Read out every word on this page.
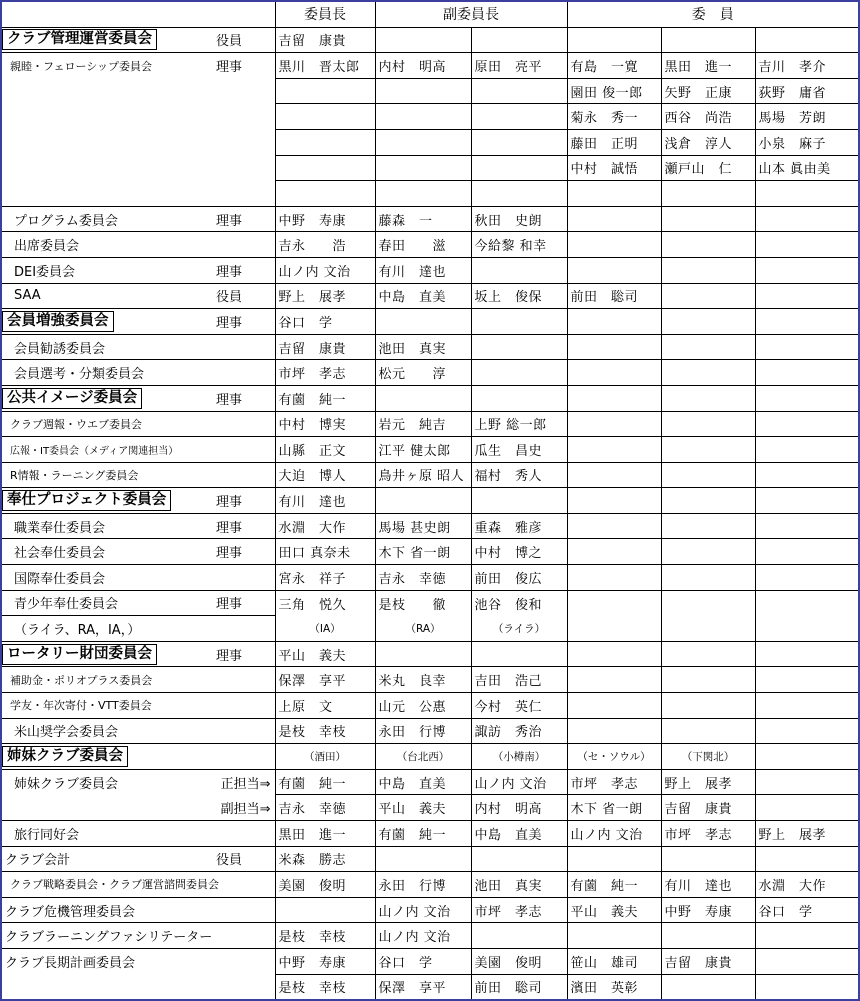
		委員長	副委員長		委　員		
クラブ管理運営委員会	役員	吉留　康貴					
親睦・フェローシップ委員会	理事	黒川　晋太郎	内村　明高	原田　亮平	有島　一寛	黒田　進一	吉川　孝介
					園田 俊一郎	矢野　正康	荻野　庸省
					菊永　秀一	西谷　尚浩	馬場　芳朗
					藤田　正明	浅倉　淳人	小泉　麻子
					中村　誠悟	瀬戸山　仁	山本 眞由美

プログラム委員会	理事	中野　寿康	藤森　一	秋田　史朗			
出席委員会		吉永　　浩	春田　　滋	今給黎 和幸			
DEI委員会	理事	山ノ内 文治	有川　達也				
SAA	役員	野上　展孝	中島　直美	坂上　俊保	前田　聡司		
会員増強委員会	理事	谷口　学					
会員勧誘委員会		吉留　康貴	池田　真実				
会員選考・分類委員会		市坪　孝志	松元　　淳				
公共イメージ委員会	理事	有薗　純一					
クラブ週報・ウエブ委員会		中村　博実	岩元　純吉	上野 総一郎			
広報・IT委員会（メディア関連担当）		山縣　正文	江平 健太郎	瓜生　昌史			
R情報・ラーニング委員会		大迫　博人	鳥井ヶ原 昭人	福村　秀人			
奉仕プロジェクト委員会	理事	有川　達也					
職業奉仕委員会	理事	水淵　大作	馬場 甚史朗	重森　雅彦			
社会奉仕委員会	理事	田口 真奈未	木下 省一朗	中村　博之			
国際奉仕委員会		宮永　祥子	吉永　幸徳	前田　俊広			
青少年奉仕委員会	理事	三角　悦久	是枝　　徹	池谷　俊和			
（ライラ、RA，IA，）		（IA）	（RA）	（ライラ）			
ロータリー財団委員会	理事	平山　義夫					
補助金・ポリオプラス委員会		保澤　享平	米丸　良幸	吉田　浩己			
学友・年次寄付・VTT委員会		上原　文	山元　公惠	今村　英仁			
米山奨学会委員会		是枝　幸枝	永田　行博	諏訪　秀治			
姉妹クラブ委員会		（酒田）	（台北西）	（小樽南）	（セ・ソウル）	（下関北）	
姉妹クラブ委員会	正担当⇒	有薗　純一	中島　直美	山ノ内 文治	市坪　孝志	野上　展孝	
	副担当⇒	吉永　幸徳	平山　義夫	内村　明高	木下 省一朗	吉留　康貴	
旅行同好会		黒田　進一	有薗　純一	中島　直美	山ノ内 文治	市坪　孝志	野上　展孝
クラブ会計	役員	米森　勝志					
クラブ戦略委員会・クラブ運営諮問委員会		美園　俊明	永田　行博	池田　真実	有薗　純一	有川　達也	水淵　大作
クラブ危機管理委員会			山ノ内 文治	市坪　孝志	平山　義夫	中野　寿康	谷口　学
クラブラーニングファシリテーター		是枝　幸枝	山ノ内 文治				
クラブ長期計画委員会		中野　寿康	谷口　学	美園　俊明	笹山　雄司	吉留　康貴	
		是枝　幸枝	保澤　享平	前田　聡司	濱田　英彰		
